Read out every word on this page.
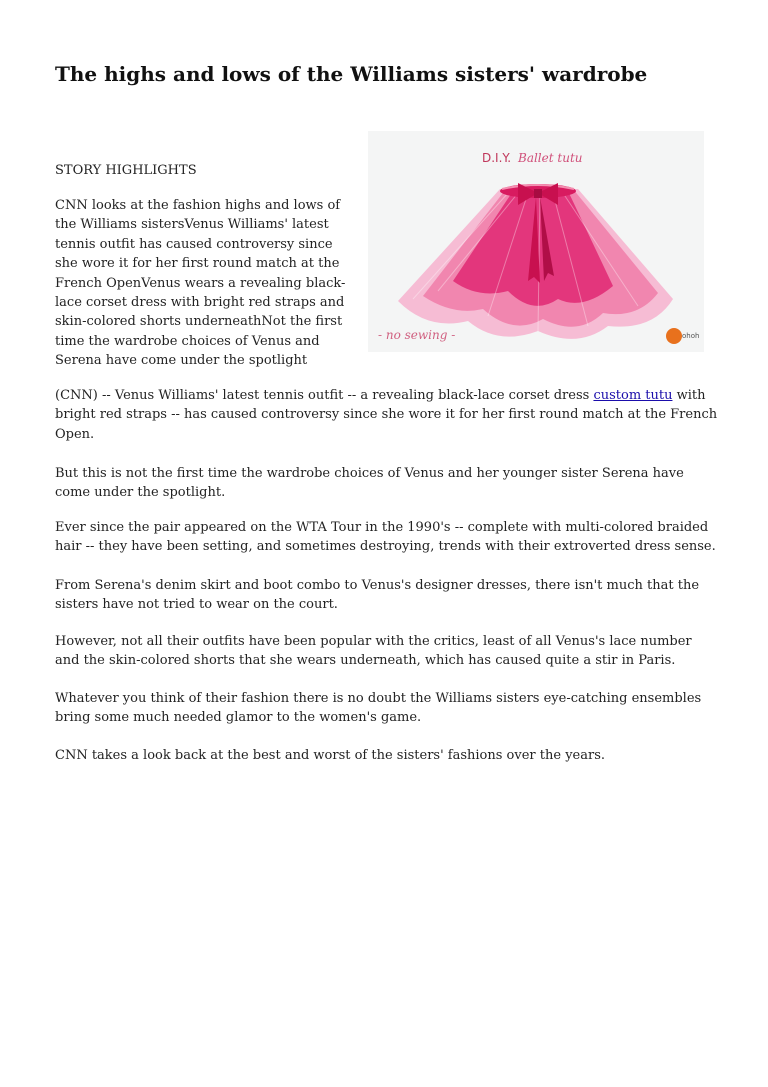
The highs and lows of the Williams sisters' wardrobe
D.I.Y. Ballet tutu
- no sewing -	ohoh
STORY HIGHLIGHTS

CNN looks at the fashion highs and lows of the Williams sistersVenus Williams' latest tennis outfit has caused controversy since she wore it for her first round match at the French OpenVenus wears a revealing black-lace corset dress with bright red straps and skin-colored shorts underneathNot the first time the wardrobe choices of Venus and Serena have come under the spotlight

(CNN) -- Venus Williams' latest tennis outfit -- a revealing black-lace corset dress custom tutu with bright red straps -- has caused controversy since she wore it for her first round match at the French Open.

But this is not the first time the wardrobe choices of Venus and her younger sister Serena have come under the spotlight.

Ever since the pair appeared on the WTA Tour in the 1990's -- complete with multi-colored braided hair -- they have been setting, and sometimes destroying, trends with their extroverted dress sense.

From Serena's denim skirt and boot combo to Venus's designer dresses, there isn't much that the sisters have not tried to wear on the court.

However, not all their outfits have been popular with the critics, least of all Venus's lace number and the skin-colored shorts that she wears underneath, which has caused quite a stir in Paris.

Whatever you think of their fashion there is no doubt the Williams sisters eye-catching ensembles bring some much needed glamor to the women's game.

CNN takes a look back at the best and worst of the sisters' fashions over the years.
